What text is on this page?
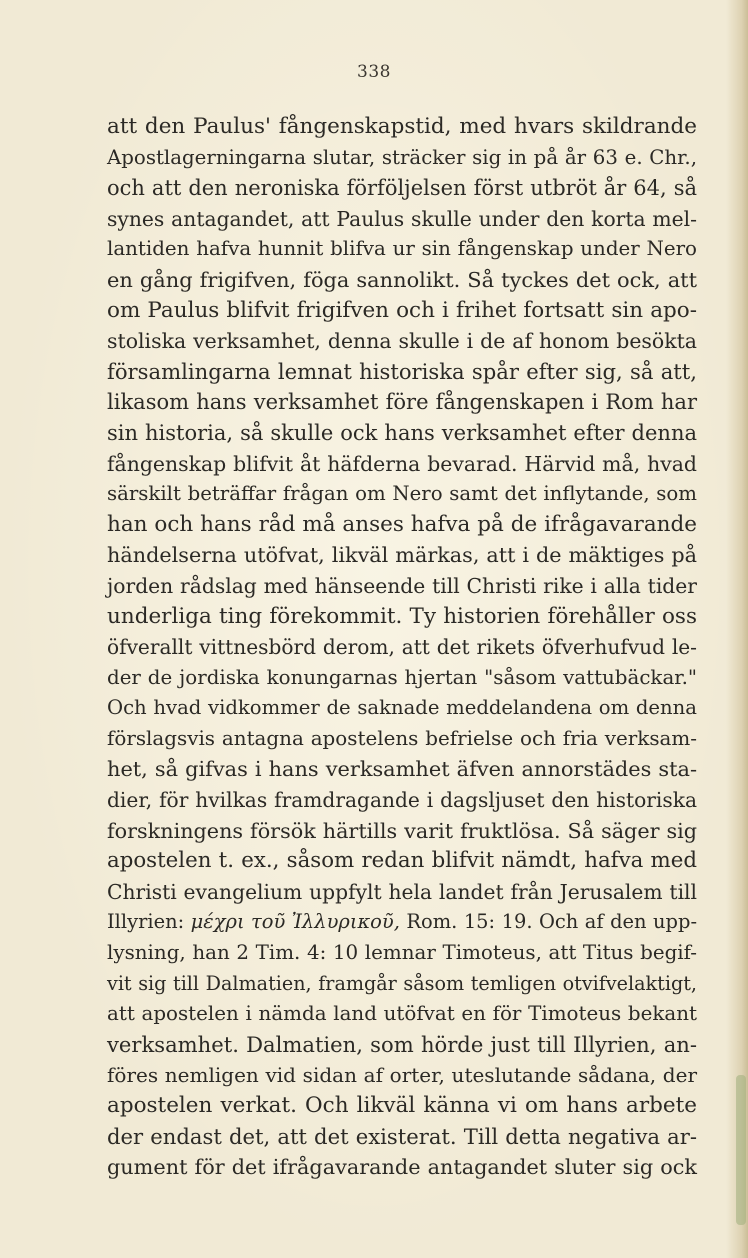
338
att den Paulus' fångenskapstid, med hvars skildrande
Apostlagerningarna slutar, sträcker sig in på år 63 e. Chr.,
och att den neroniska förföljelsen först utbröt år 64, så
synes antagandet, att Paulus skulle under den korta mel-
lantiden hafva hunnit blifva ur sin fångenskap under Nero
en gång frigifven, föga sannolikt. Så tyckes det ock, att
om Paulus blifvit frigifven och i frihet fortsatt sin apo-
stoliska verksamhet, denna skulle i de af honom besökta
församlingarna lemnat historiska spår efter sig, så att,
likasom hans verksamhet före fångenskapen i Rom har
sin historia, så skulle ock hans verksamhet efter denna
fångenskap blifvit åt häfderna bevarad. Härvid må, hvad
särskilt beträffar frågan om Nero samt det inflytande, som
han och hans råd må anses hafva på de ifrågavarande
händelserna utöfvat, likväl märkas, att i de mäktiges på
jorden rådslag med hänseende till Christi rike i alla tider
underliga ting förekommit. Ty historien förehåller oss
öfverallt vittnesbörd derom, att det rikets öfverhufvud le-
der de jordiska konungarnas hjertan "såsom vattubäckar."
Och hvad vidkommer de saknade meddelandena om denna
förslagsvis antagna apostelens befrielse och fria verksam-
het, så gifvas i hans verksamhet äfven annorstädes sta-
dier, för hvilkas framdragande i dagsljuset den historiska
forskningens försök härtills varit fruktlösa. Så säger sig
apostelen t. ex., såsom redan blifvit nämdt, hafva med
Christi evangelium uppfylt hela landet från Jerusalem till
Illyrien: μέχρι τοῦ Ἰλλυρικοῦ, Rom. 15: 19. Och af den upp-
lysning, han 2 Tim. 4: 10 lemnar Timoteus, att Titus begif-
vit sig till Dalmatien, framgår såsom temligen otvifvelaktigt,
att apostelen i nämda land utöfvat en för Timoteus bekant
verksamhet. Dalmatien, som hörde just till Illyrien, an-
föres nemligen vid sidan af orter, uteslutande sådana, der
apostelen verkat. Och likväl känna vi om hans arbete
der endast det, att det existerat. Till detta negativa ar-
gument för det ifrågavarande antagandet sluter sig ock
